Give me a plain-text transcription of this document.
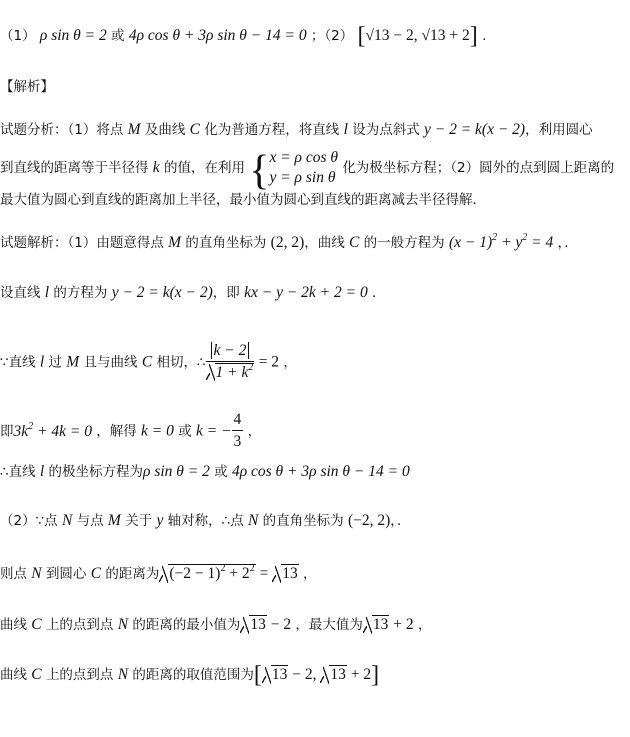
（1） ρ sin θ = 2 或 4ρ cos θ + 3ρ sin θ − 14 = 0 ；（2） [√13 − 2, √13 + 2] .
【解析】
试题分析：（1）将点 M 及曲线 C 化为普通方程，将直线 l 设为点斜式 y − 2 = k(x − 2)，利用圆心
到直线的距离等于半径得 k 的值，在利用 { x = ρ cos θ
y = ρ sin θ
化为极坐标方程；（2）圆外的点到圆上距离的
最大值为圆心到直线的距离加上半径，最小值为圆心到直线的距离减去半径得解．
试题解析：（1）由题意得点 M 的直角坐标为 (2, 2)，曲线 C 的一般方程为 $(x - 1)^2 + y^2 = 4$ ，．
设直线 l 的方程为 y − 2 = k(x − 2)，即 kx − y − 2k + 2 = 0 ．
∵直线 l 过 M 且与曲线 C 相切，∴ $\frac{k - 2}{1 + k^2} = 2$ ，
即$3k^2 + 4k = 0$ ，解得 k = 0 或 k = − $\frac{4}{3}$ ，
∴直线 l 的极坐标方程为ρ sin θ = 2 或 4ρ cos θ + 3ρ sin θ − 14 = 0
（2）∵点 N 与点 M 关于 y 轴对称，∴点 N 的直角坐标为 (−2, 2)，．
则点 N 到圆心 C 的距离为 $(-2 - 1)^2 + 2^2 = 13$ ，
曲线 C 上的点到点 N 的距离的最小值为 13 − 2 ，最大值为 13 + 2 ，
曲线 C 上的点到点 N 的距离的取值范围为[ 13 − 2, 13 + 2]
